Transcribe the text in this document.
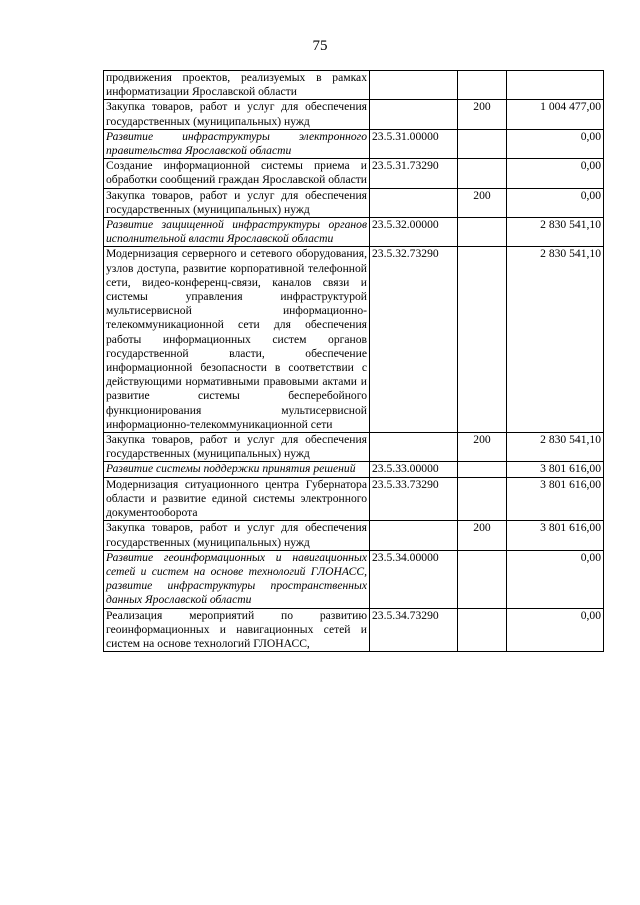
75
продвижения проектов, реализуемых в рамках информатизации Ярославской области			
Закупка товаров, работ и услуг для обеспечения государственных (муниципальных) нужд		200	1 004 477,00
Развитие инфраструктуры электронного правительства Ярославской области	23.5.31.00000		0,00
Создание информационной системы приема и обработки сообщений граждан Ярославской области	23.5.31.73290		0,00
Закупка товаров, работ и услуг для обеспечения государственных (муниципальных) нужд		200	0,00
Развитие защищенной инфраструктуры органов исполнительной власти Ярославской области	23.5.32.00000		2 830 541,10
Модернизация серверного и сетевого оборудования, узлов доступа, развитие корпоративной телефонной сети, видео-конференц-связи, каналов связи и системы управления инфраструктурой мультисервисной информационно-телекоммуникационной сети для обеспечения работы информационных систем органов государственной власти, обеспечение информационной безопасности в соответствии с действующими нормативными правовыми актами и развитие системы бесперебойного функционирования мультисервисной информационно-телекоммуникационной сети	23.5.32.73290		2 830 541,10
Закупка товаров, работ и услуг для обеспечения государственных (муниципальных) нужд		200	2 830 541,10
Развитие системы поддержки принятия решений	23.5.33.00000		3 801 616,00
Модернизация ситуационного центра Губернатора области и развитие единой системы электронного документооборота	23.5.33.73290		3 801 616,00
Закупка товаров, работ и услуг для обеспечения государственных (муниципальных) нужд		200	3 801 616,00
Развитие геоинформационных и навигационных сетей и систем на основе технологий ГЛОНАСС, развитие инфраструктуры пространственных данных Ярославской области	23.5.34.00000		0,00
Реализация мероприятий по развитию геоинформационных и навигационных сетей и систем на основе технологий ГЛОНАСС,	23.5.34.73290		0,00
